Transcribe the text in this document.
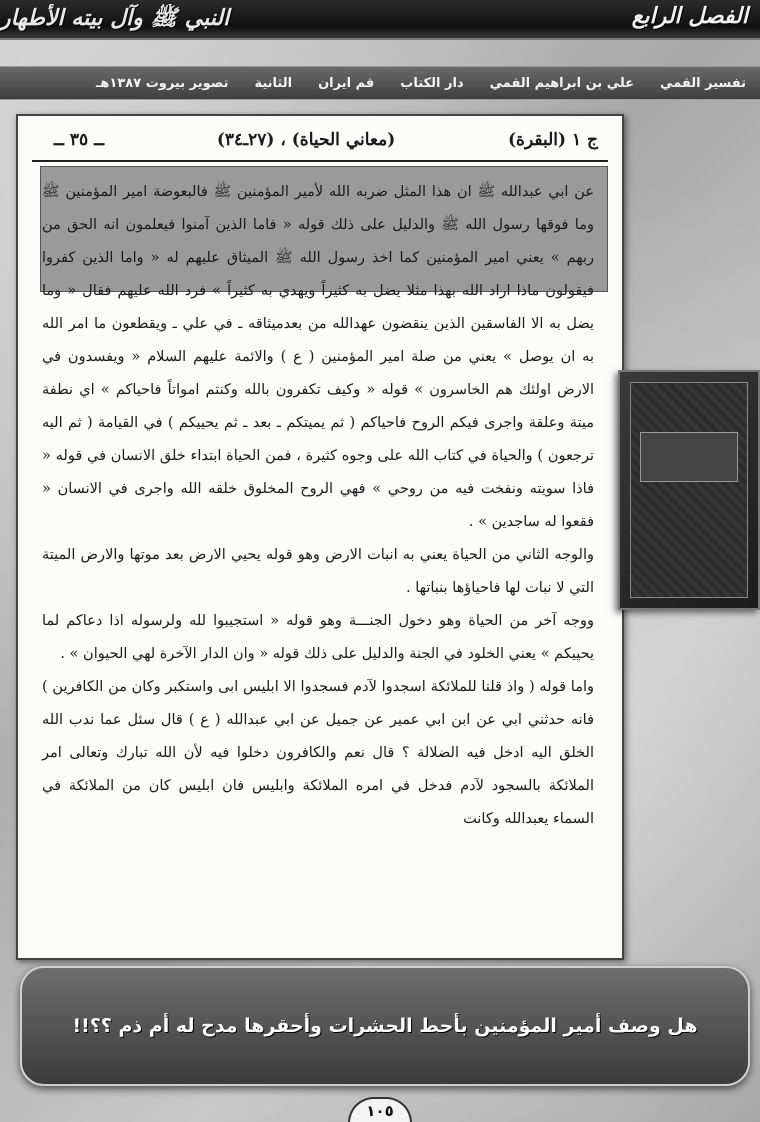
الفصل الرابع
النبي ﷺ وآل بيته الأطهار
تفسير القمي
علي بن ابراهيم القمي
دار الكتاب
قم ايران
الثانية
تصوير بيروت ١٣٨٧هـ
ج ١ (البقرة)
(معاني الحياة) ، (٢٧ـ٣٤)
ــ ٣٥ ــ

عن ابي عبدالله ﷺ ان هذا المثل ضربه الله لأمير المؤمنين ﷺ فالبعوضة امير المؤمنين ﷺ وما فوقها رسول الله ﷺ والدليل على ذلك قوله « فاما الذين آمنوا فيعلمون انه الحق من ربهم » يعني امير المؤمنين كما اخذ رسول الله ﷺ الميثاق عليهم له « واما الذين كفروا فيقولون ماذا اراد الله بهذا مثلا يضل به كثيراً ويهدي به كثيراً » فرد الله عليهم فقال « وما يضل به الا الفاسقين الذين ينقضون عهدالله من بعدميثاقه ـ في علي ـ ويقطعون ما امر الله به ان يوصل » يعني من صلة امير المؤمنين ( ع ) والائمة عليهم السلام « ويفسدون في الارض اولئك هم الخاسرون » قوله « وكيف تكفرون بالله وكنتم امواتاً فاحياكم » اي نطفة ميتة وعلقة واجرى فيكم الروح فاحياكم ( ثم يميتكم ـ بعد ـ ثم يحييكم ) في القيامة ( ثم اليه ترجعون ) والحياة في كتاب الله على وجوه كثيرة ، فمن الحياة ابتداء خلق الانسان في قوله « فاذا سويته ونفخت فيه من روحي » فهي الروح المخلوق خلقه الله واجرى في الانسان « فقعوا له ساجدين » .

والوجه الثاني من الحياة يعني به انبات الارض وهو قوله يحيي الارض بعد موتها والارض الميتة التي لا نبات لها فاحياؤها بنباتها .

ووجه آخر من الحياة وهو دخول الجنـــة وهو قوله « استجيبوا لله ولرسوله اذا دعاكم لما يحييكم » يعني الخلود في الجنة والدليل على ذلك قوله « وان الدار الآخرة لهي الحيوان » .

واما قوله ( واذ قلنا للملائكة اسجدوا لآدم فسجدوا الا ابليس ابى واستكبر وكان من الكافرين ) فانه حدثني ابي عن ابن ابي عمير عن جميل عن ابي عبدالله ( ع ) قال سئل عما ندب الله الخلق اليه ادخل فيه الضلالة ؟ قال نعم والكافرون دخلوا فيه لأن الله تبارك وتعالى امر الملائكة بالسجود لآدم فدخل في امره الملائكة وابليس فان ابليس كان من الملائكة في السماء يعبدالله وكانت

هل وصف أمير المؤمنين بأحط الحشرات وأحقرها مدح له أم ذم ؟؟!!
١٠٥
